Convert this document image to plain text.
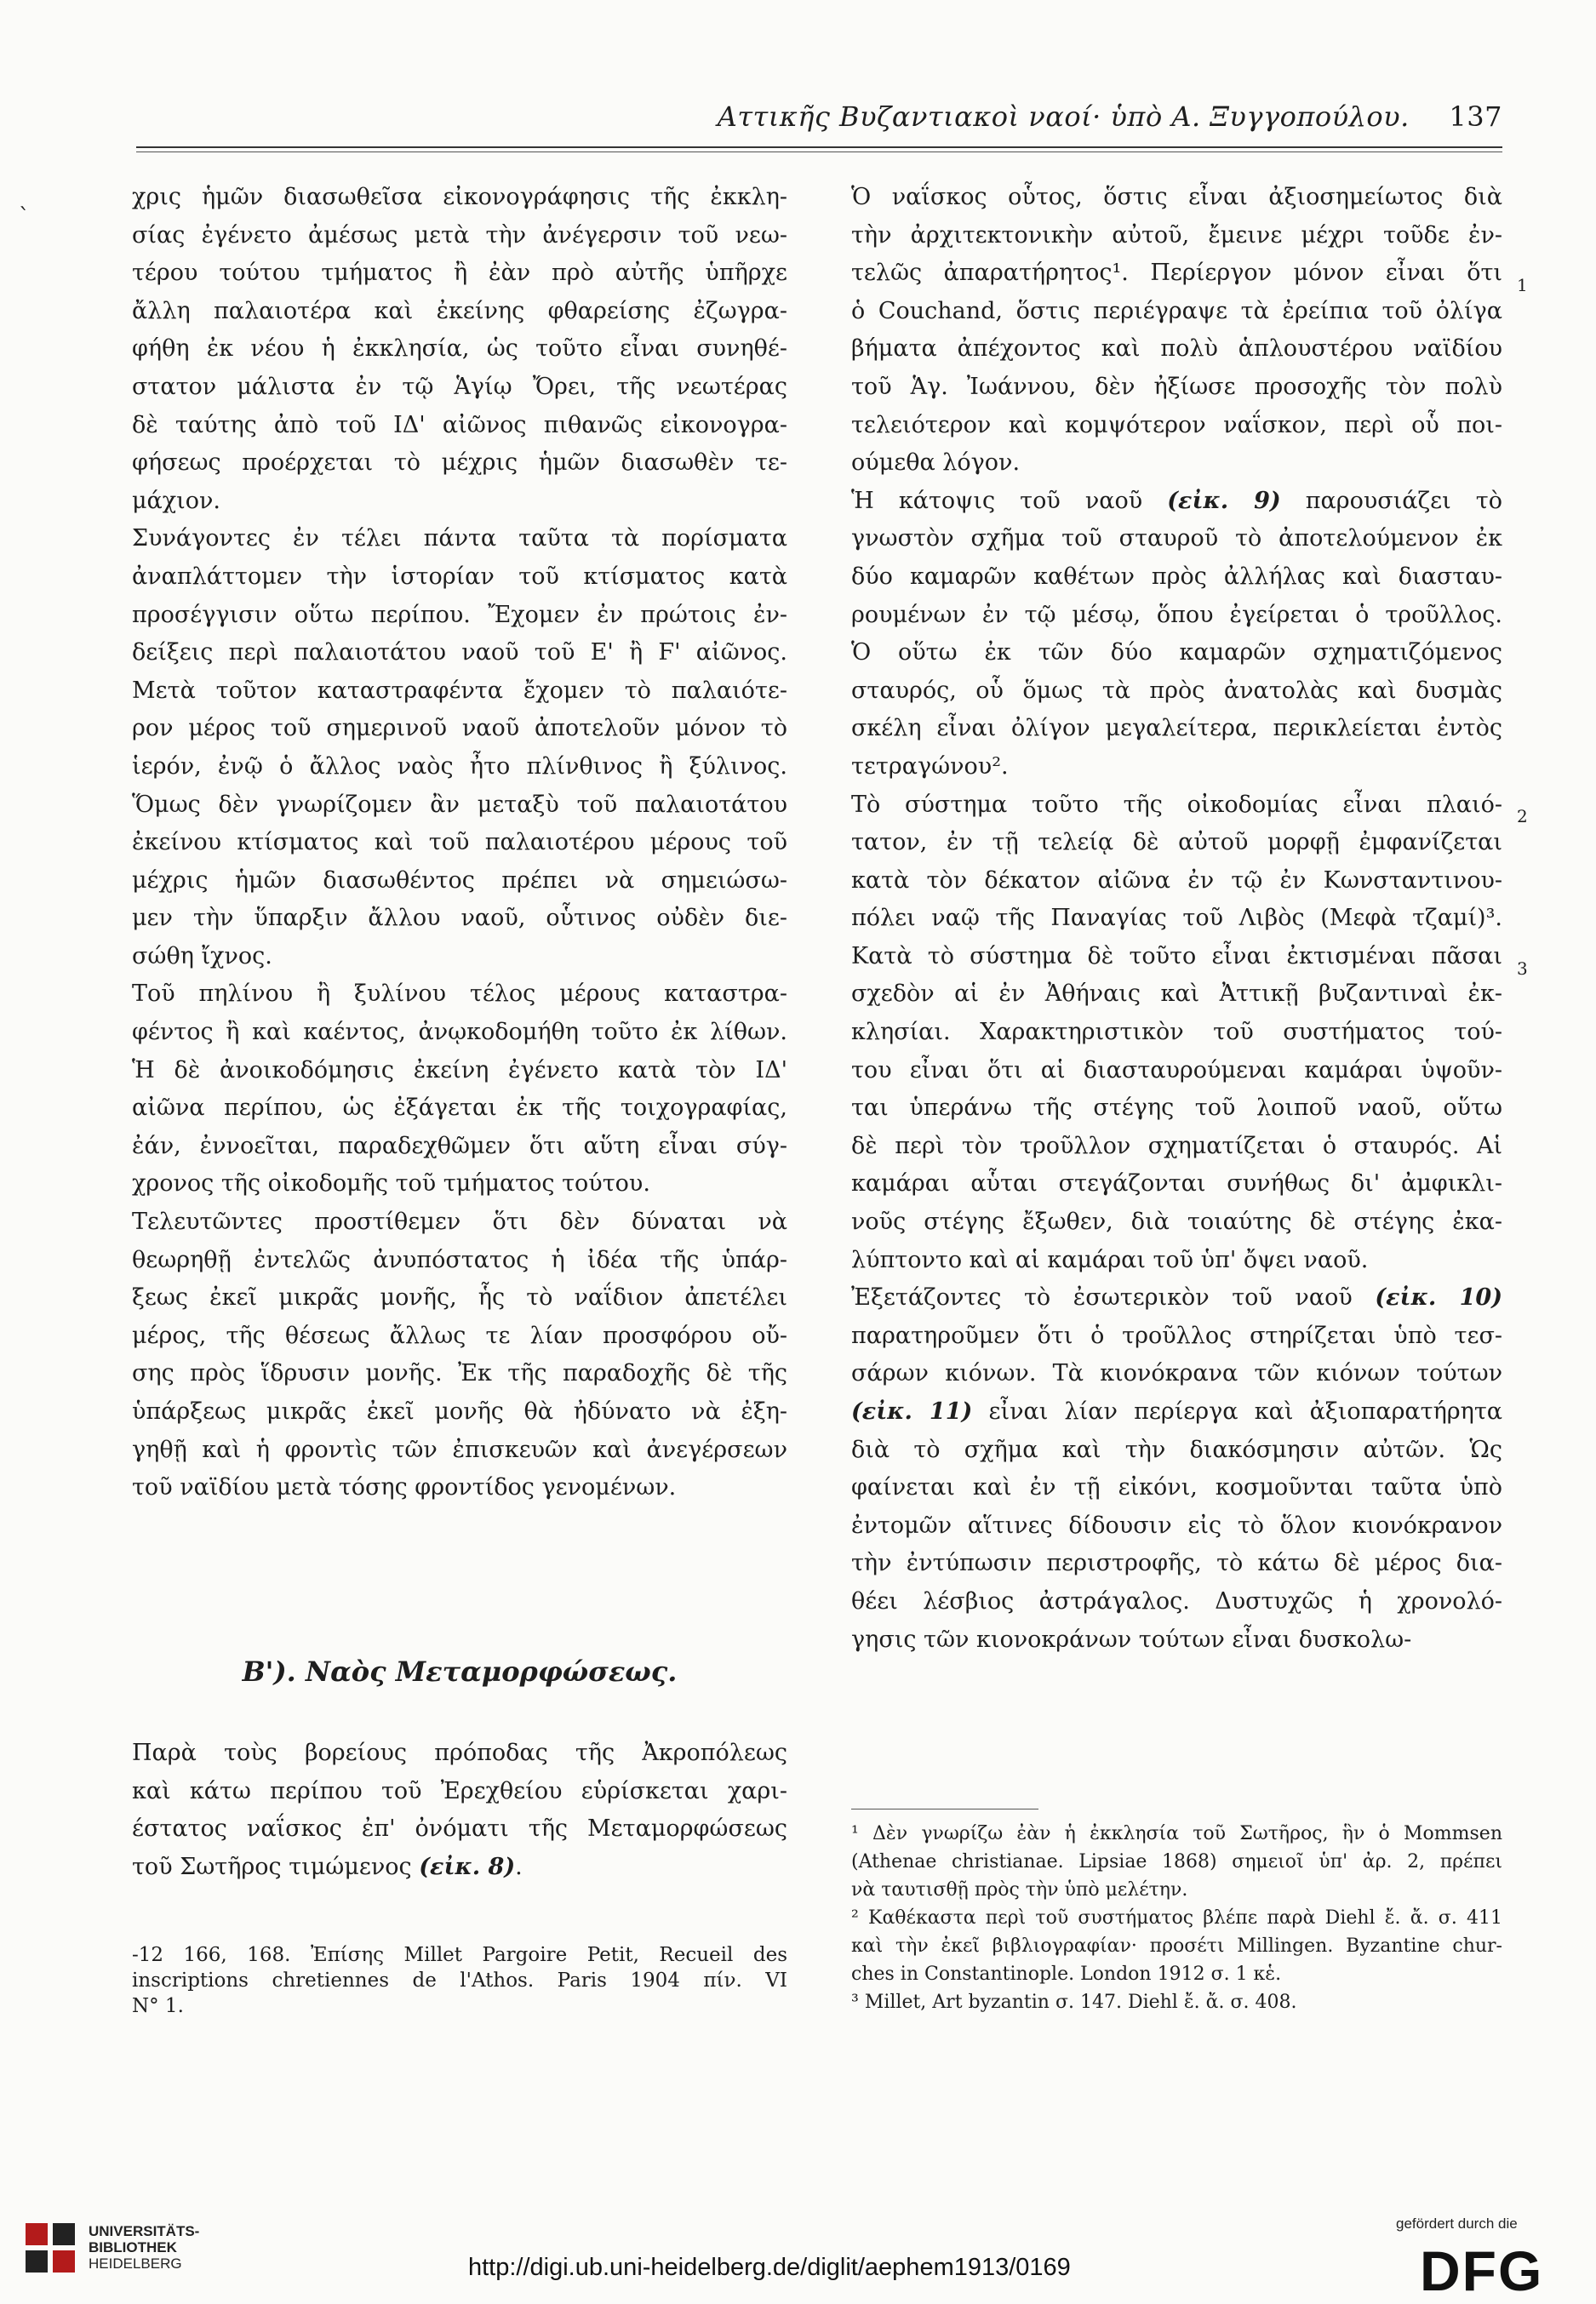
Αττικῆς Βυζαντιακοὶ ναοί· ὑπὸ Α. Ξυγγοπούλου. 137
`
χρις ἡμῶν διασωθεῖσα εἰκονογράφησις τῆς ἐκκλη-
σίας ἐγένετο ἀμέσως μετὰ τὴν ἀνέγερσιν τοῦ νεω-
τέρου τούτου τμήματος ἢ ἐὰν πρὸ αὐτῆς ὑπῆρχε
ἄλλη παλαιοτέρα καὶ ἐκείνης φθαρείσης ἐζωγρα-
φήθη ἐκ νέου ἡ ἐκκλησία, ὡς τοῦτο εἶναι συνηθέ-
στατον μάλιστα ἐν τῷ Ἁγίῳ Ὄρει, τῆς νεωτέρας
δὲ ταύτης ἀπὸ τοῦ ΙΔ' αἰῶνος πιθανῶς εἰκονογρα-
φήσεως προέρχεται τὸ μέχρις ἡμῶν διασωθὲν τε-
μάχιον.
Συνάγοντες ἐν τέλει πάντα ταῦτα τὰ πορίσματα
ἀναπλάττομεν τὴν ἱστορίαν τοῦ κτίσματος κατὰ
προσέγγισιν οὕτω περίπου. Ἔχομεν ἐν πρώτοις ἐν-
δείξεις περὶ παλαιοτάτου ναοῦ τοῦ Ε' ἢ Ϝ' αἰῶνος.
Μετὰ τοῦτον καταστραφέντα ἔχομεν τὸ παλαιότε-
ρον μέρος τοῦ σημερινοῦ ναοῦ ἀποτελοῦν μόνον τὸ
ἱερόν, ἐνῷ ὁ ἄλλος ναὸς ἦτο πλίνθινος ἢ ξύλινος.
Ὅμως δὲν γνωρίζομεν ἂν μεταξὺ τοῦ παλαιοτάτου
ἐκείνου κτίσματος καὶ τοῦ παλαιοτέρου μέρους τοῦ
μέχρις ἡμῶν διασωθέντος πρέπει νὰ σημειώσω-
μεν τὴν ὕπαρξιν ἄλλου ναοῦ, οὗτινος οὐδὲν διε-
σώθη ἴχνος.
Τοῦ πηλίνου ἢ ξυλίνου τέλος μέρους καταστρα-
φέντος ἢ καὶ καέντος, ἀνῳκοδομήθη τοῦτο ἐκ λίθων.
Ἡ δὲ ἀνοικοδόμησις ἐκείνη ἐγένετο κατὰ τὸν ΙΔ'
αἰῶνα περίπου, ὡς ἐξάγεται ἐκ τῆς τοιχογραφίας,
ἐάν, ἐννοεῖται, παραδεχθῶμεν ὅτι αὕτη εἶναι σύγ-
χρονος τῆς οἰκοδομῆς τοῦ τμήματος τούτου.
Τελευτῶντες προστίθεμεν ὅτι δὲν δύναται νὰ
θεωρηθῇ ἐντελῶς ἀνυπόστατος ἡ ἰδέα τῆς ὑπάρ-
ξεως ἐκεῖ μικρᾶς μονῆς, ἧς τὸ ναΐδιον ἀπετέλει
μέρος, τῆς θέσεως ἄλλως τε λίαν προσφόρου οὔ-
σης πρὸς ἵδρυσιν μονῆς. Ἐκ τῆς παραδοχῆς δὲ τῆς
ὑπάρξεως μικρᾶς ἐκεῖ μονῆς θὰ ἠδύνατο νὰ ἐξη-
γηθῇ καὶ ἡ φροντὶς τῶν ἐπισκευῶν καὶ ἀνεγέρσεων
τοῦ ναϊδίου μετὰ τόσης φροντίδος γενομένων.
Β'). Ναὸς Μεταμορφώσεως.
Παρὰ τοὺς βορείους πρόποδας τῆς Ἀκροπόλεως
καὶ κάτω περίπου τοῦ Ἐρεχθείου εὑρίσκεται χαρι-
έστατος ναΐσκος ἐπ' ὀνόματι τῆς Μεταμορφώσεως
τοῦ Σωτῆρος τιμώμενος (εἰκ. 8).
-12 166, 168. Ἐπίσης Millet Pargoire Petit, Recueil des
inscriptions chretiennes de l'Athos. Paris 1904 πίν. VI
N° 1.
Ὁ ναΐσκος οὗτος, ὅστις εἶναι ἀξιοσημείωτος διὰ
τὴν ἀρχιτεκτονικὴν αὐτοῦ, ἔμεινε μέχρι τοῦδε ἐν-
τελῶς ἀπαρατήρητος¹. Περίεργον μόνον εἶναι ὅτι
ὁ Couchand, ὅστις περιέγραψε τὰ ἐρείπια τοῦ ὀλίγα
βήματα ἀπέχοντος καὶ πολὺ ἁπλουστέρου ναϊδίου
τοῦ Ἁγ. Ἰωάννου, δὲν ἠξίωσε προσοχῆς τὸν πολὺ
τελειότερον καὶ κομψότερον ναΐσκον, περὶ οὗ ποι-
ούμεθα λόγον.
Ἡ κάτοψις τοῦ ναοῦ (εἰκ. 9) παρουσιάζει τὸ
γνωστὸν σχῆμα τοῦ σταυροῦ τὸ ἀποτελούμενον ἐκ
δύο καμαρῶν καθέτων πρὸς ἀλλήλας καὶ διασταυ-
ρουμένων ἐν τῷ μέσῳ, ὅπου ἐγείρεται ὁ τροῦλλος.
Ὁ οὕτω ἐκ τῶν δύο καμαρῶν σχηματιζόμενος
σταυρός, οὗ ὅμως τὰ πρὸς ἀνατολὰς καὶ δυσμὰς
σκέλη εἶναι ὀλίγον μεγαλείτερα, περικλείεται ἐντὸς
τετραγώνου².
Τὸ σύστημα τοῦτο τῆς οἰκοδομίας εἶναι πλαιό-
τατον, ἐν τῇ τελείᾳ δὲ αὐτοῦ μορφῇ ἐμφανίζεται
κατὰ τὸν δέκατον αἰῶνα ἐν τῷ ἐν Κωνσταντινου-
πόλει ναῷ τῆς Παναγίας τοῦ Λιβὸς (Μεφὰ τζαμί)³.
Κατὰ τὸ σύστημα δὲ τοῦτο εἶναι ἐκτισμέναι πᾶσαι
σχεδὸν αἱ ἐν Ἀθήναις καὶ Ἀττικῇ βυζαντιναὶ ἐκ-
κλησίαι. Χαρακτηριστικὸν τοῦ συστήματος τού-
του εἶναι ὅτι αἱ διασταυρούμεναι καμάραι ὑψοῦν-
ται ὑπεράνω τῆς στέγης τοῦ λοιποῦ ναοῦ, οὕτω
δὲ περὶ τὸν τροῦλλον σχηματίζεται ὁ σταυρός. Αἱ
καμάραι αὗται στεγάζονται συνήθως δι' ἀμφικλι-
νοῦς στέγης ἔξωθεν, διὰ τοιαύτης δὲ στέγης ἐκα-
λύπτοντο καὶ αἱ καμάραι τοῦ ὑπ' ὄψει ναοῦ.
Ἐξετάζοντες τὸ ἐσωτερικὸν τοῦ ναοῦ (εἰκ. 10)
παρατηροῦμεν ὅτι ὁ τροῦλλος στηρίζεται ὑπὸ τεσ-
σάρων κιόνων. Τὰ κιονόκρανα τῶν κιόνων τούτων
(εἰκ. 11) εἶναι λίαν περίεργα καὶ ἀξιοπαρατήρητα
διὰ τὸ σχῆμα καὶ τὴν διακόσμησιν αὐτῶν. Ὡς
φαίνεται καὶ ἐν τῇ εἰκόνι, κοσμοῦνται ταῦτα ὑπὸ
ἐντομῶν αἵτινες δίδουσιν εἰς τὸ ὅλον κιονόκρανον
τὴν ἐντύπωσιν περιστροφῆς, τὸ κάτω δὲ μέρος δια-
θέει λέσβιος ἀστράγαλος. Δυστυχῶς ἡ χρονολό-
γησις τῶν κιονοκράνων τούτων εἶναι δυσκολω-
1
2
3
¹ Δὲν γνωρίζω ἐὰν ἡ ἐκκλησία τοῦ Σωτῆρος, ἣν ὁ Mommsen
(Athenae christianae. Lipsiae 1868) σημειοῖ ὑπ' ἀρ. 2, πρέπει
νὰ ταυτισθῇ πρὸς τὴν ὑπὸ μελέτην.
² Καθέκαστα περὶ τοῦ συστήματος βλέπε παρὰ Diehl ἔ. ἄ. σ. 411
καὶ τὴν ἐκεῖ βιβλιογραφίαν· προσέτι Millingen. Byzantine chur-
ches in Constantinople. London 1912 σ. 1 κἑ.
³ Millet, Art byzantin σ. 147. Diehl ἔ. ἄ. σ. 408.
UNIVERSITÄTS-
BIBLIOTHEK
HEIDELBERG	http://digi.ub.uni-heidelberg.de/diglit/aephem1913/0169
gefördert durch die
DFG
